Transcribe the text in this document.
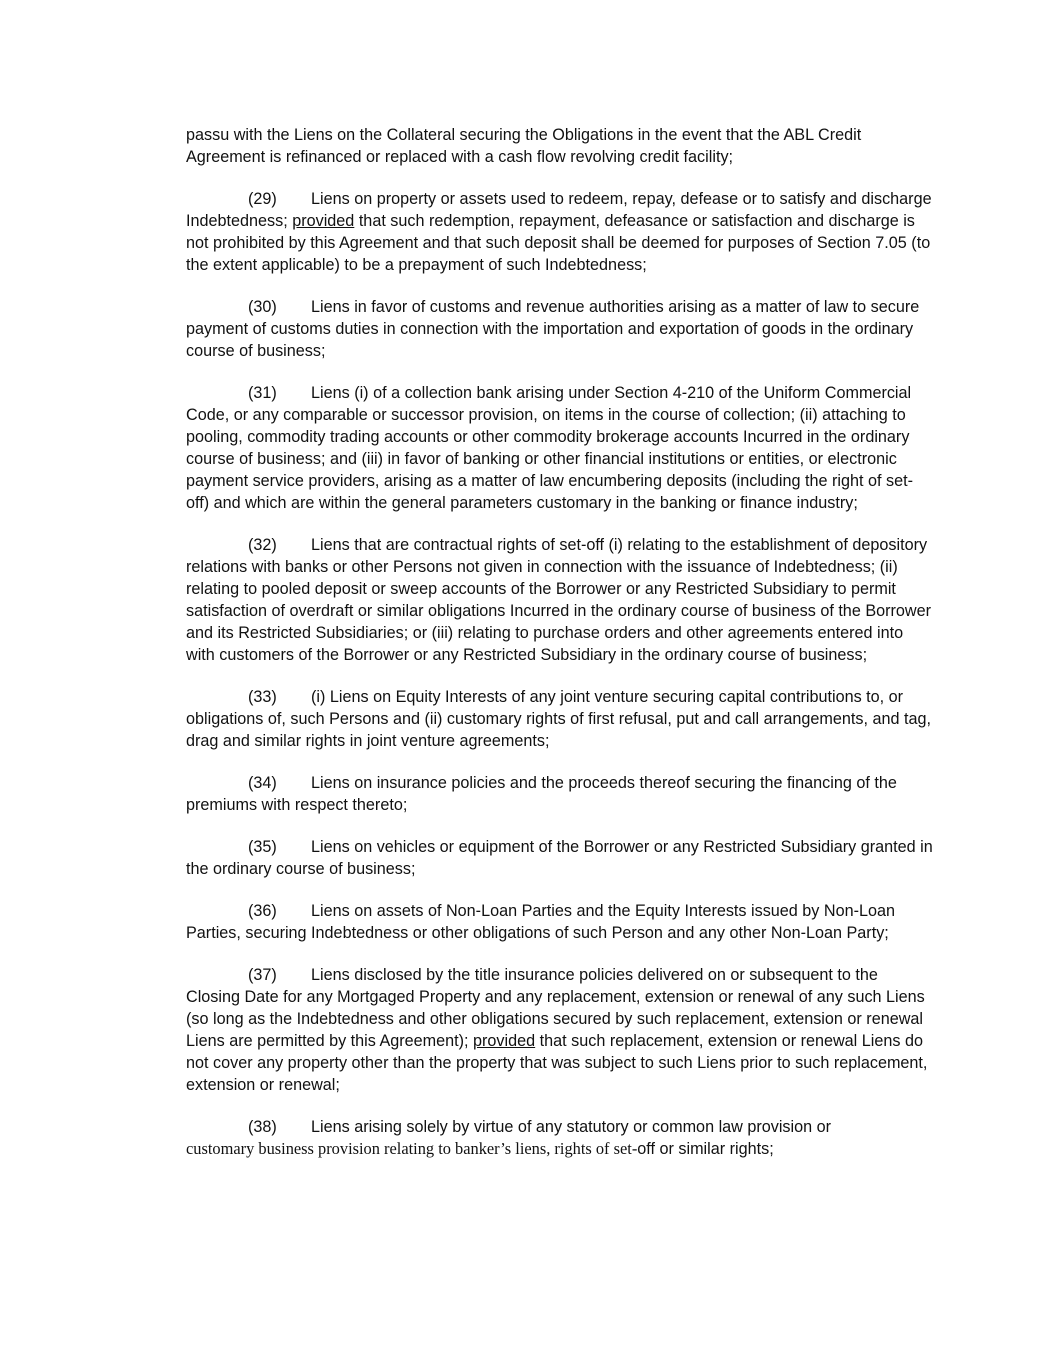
passu with the Liens on the Collateral securing the Obligations in the event that the ABL Credit Agreement is refinanced or replaced with a cash flow revolving credit facility;

(29) Liens on property or assets used to redeem, repay, defease or to satisfy and discharge Indebtedness; provided that such redemption, repayment, defeasance or satisfaction and discharge is not prohibited by this Agreement and that such deposit shall be deemed for purposes of Section 7.05 (to the extent applicable) to be a prepayment of such Indebtedness;

(30) Liens in favor of customs and revenue authorities arising as a matter of law to secure payment of customs duties in connection with the importation and exportation of goods in the ordinary course of business;

(31) Liens (i) of a collection bank arising under Section 4-210 of the Uniform Commercial Code, or any comparable or successor provision, on items in the course of collection; (ii) attaching to pooling, commodity trading accounts or other commodity brokerage accounts Incurred in the ordinary course of business; and (iii) in favor of banking or other financial institutions or entities, or electronic payment service providers, arising as a matter of law encumbering deposits (including the right of set-off) and which are within the general parameters customary in the banking or finance industry;

(32) Liens that are contractual rights of set-off (i) relating to the establishment of depository relations with banks or other Persons not given in connection with the issuance of Indebtedness; (ii) relating to pooled deposit or sweep accounts of the Borrower or any Restricted Subsidiary to permit satisfaction of overdraft or similar obligations Incurred in the ordinary course of business of the Borrower and its Restricted Subsidiaries; or (iii) relating to purchase orders and other agreements entered into with customers of the Borrower or any Restricted Subsidiary in the ordinary course of business;

(33) (i) Liens on Equity Interests of any joint venture securing capital contributions to, or obligations of, such Persons and (ii) customary rights of first refusal, put and call arrangements, and tag, drag and similar rights in joint venture agreements;

(34) Liens on insurance policies and the proceeds thereof securing the financing of the premiums with respect thereto;

(35) Liens on vehicles or equipment of the Borrower or any Restricted Subsidiary granted in the ordinary course of business;

(36) Liens on assets of Non-Loan Parties and the Equity Interests issued by Non-Loan Parties, securing Indebtedness or other obligations of such Person and any other Non-Loan Party;

(37) Liens disclosed by the title insurance policies delivered on or subsequent to the Closing Date for any Mortgaged Property and any replacement, extension or renewal of any such Liens (so long as the Indebtedness and other obligations secured by such replacement, extension or renewal Liens are permitted by this Agreement); provided that such replacement, extension or renewal Liens do not cover any property other than the property that was subject to such Liens prior to such replacement, extension or renewal;

(38) Liens arising solely by virtue of any statutory or common law provision or
customary business provision relating to banker’s liens, rights of set-off or similar rights;
